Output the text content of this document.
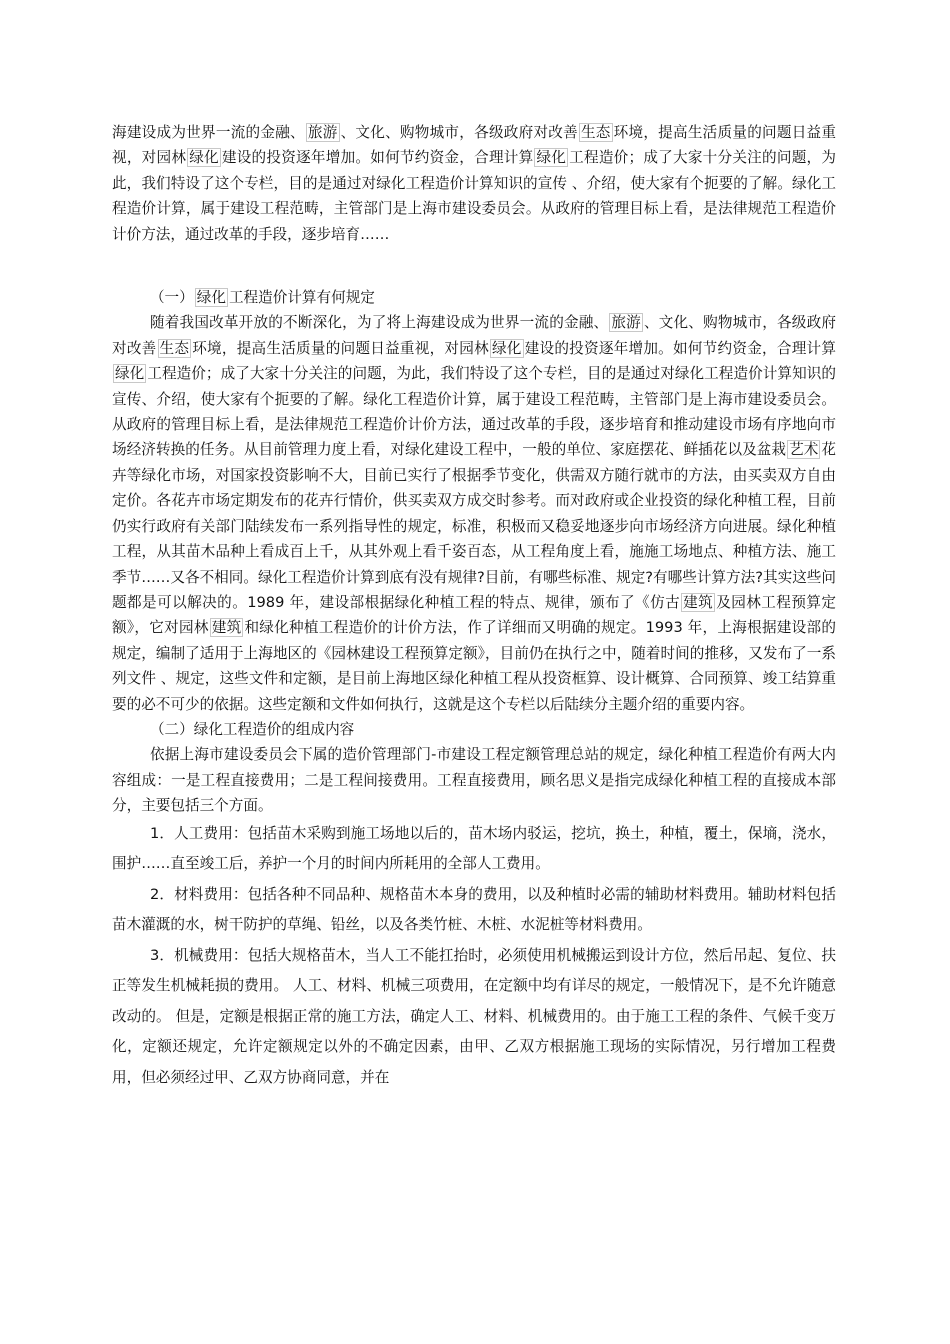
海建设成为世界一流的金融、 旅游 、文化、购物城市，各级政府对改善 生态 环境，提高生活质量的问题日益重视，对园林 绿化 建设的投资逐年增加。如何节约资金，合理计算 绿化 工程造价；成了大家十分关注的问题，为此，我们特设了这个专栏，目的是通过对绿化工程造价计算知识的宣传 、介绍，使大家有个扼要的了解。绿化工程造价计算，属于建设工程范畴，主管部门是上海市建设委员会。从政府的管理目标上看，是法律规范工程造价计价方法，通过改革的手段，逐步培育……

（一） 绿化 工程造价计算有何规定

随着我国改革开放的不断深化，为了将上海建设成为世界一流的金融、 旅游 、文化、购物城市，各级政府对改善 生态 环境，提高生活质量的问题日益重视，对园林 绿化 建设的投资逐年增加。如何节约资金，合理计算绿化 工程造价；成了大家十分关注的问题，为此，我们特设了这个专栏，目的是通过对绿化工程造价计算知识的宣传、介绍，使大家有个扼要的了解。绿化工程造价计算，属于建设工程范畴，主管部门是上海市建设委员会。从政府的管理目标上看，是法律规范工程造价计价方法，通过改革的手段，逐步培育和推动建设市场有序地向市场经济转换的任务。从目前管理力度上看，对绿化建设工程中，一般的单位、家庭摆花、鲜插花以及盆栽 艺术 花卉等绿化市场，对国家投资影响不大，目前已实行了根据季节变化，供需双方随行就市的方法，由买卖双方自由定价。各花卉市场定期发布的花卉行情价，供买卖双方成交时参考。而对政府或企业投资的绿化种植工程，目前仍实行政府有关部门陆续发布一系列指导性的规定，标准，积极而又稳妥地逐步向市场经济方向进展。绿化种植工程，从其苗木品种上看成百上千，从其外观上看千姿百态，从工程角度上看，施施工场地点、种植方法、施工季节……又各不相同。绿化工程造价计算到底有没有规律?目前，有哪些标准、规定?有哪些计算方法?其实这些问题都是可以解决的。1989 年，建设部根据绿化种植工程的特点、规律，颁布了《仿古 建筑 及园林工程预算定额》，它对园林 建筑 和绿化种植工程造价的计价方法，作了详细而又明确的规定。1993 年，上海根据建设部的规定，编制了适用于上海地区的《园林建设工程预算定额》，目前仍在执行之中，随着时间的推移，又发布了一系列文件 、规定，这些文件和定额，是目前上海地区绿化种植工程从投资框算、设计概算、合同预算、竣工结算重要的必不可少的依据。这些定额和文件如何执行，这就是这个专栏以后陆续分主题介绍的重要内容。

（二）绿化工程造价的组成内容

依据上海市建设委员会下属的造价管理部门-市建设工程定额管理总站的规定，绿化种植工程造价有两大内容组成：一是工程直接费用；二是工程间接费用。工程直接费用，顾名思义是指完成绿化种植工程的直接成本部分，主要包括三个方面。

1．人工费用：包括苗木采购到施工场地以后的，苗木场内驳运，挖坑，换土，种植，覆土，保墒，浇水，围护……直至竣工后，养护一个月的时间内所耗用的全部人工费用。

2．材料费用：包括各种不同品种、规格苗木本身的费用，以及种植时必需的辅助材料费用。辅助材料包括苗木灌溉的水，树干防护的草绳、铅丝，以及各类竹桩、木桩、水泥桩等材料费用。

3．机械费用：包括大规格苗木，当人工不能扛抬时，必须使用机械搬运到设计方位，然后吊起、复位、扶正等发生机械耗损的费用。 人工、材料、机械三项费用，在定额中均有详尽的规定，一般情况下，是不允许随意改动的。 但是，定额是根据正常的施工方法，确定人工、材料、机械费用的。由于施工工程的条件、气候千变万化，定额还规定，允许定额规定以外的不确定因素，由甲、乙双方根据施工现场的实际情况，另行增加工程费用，但必须经过甲、乙双方协商同意，并在
